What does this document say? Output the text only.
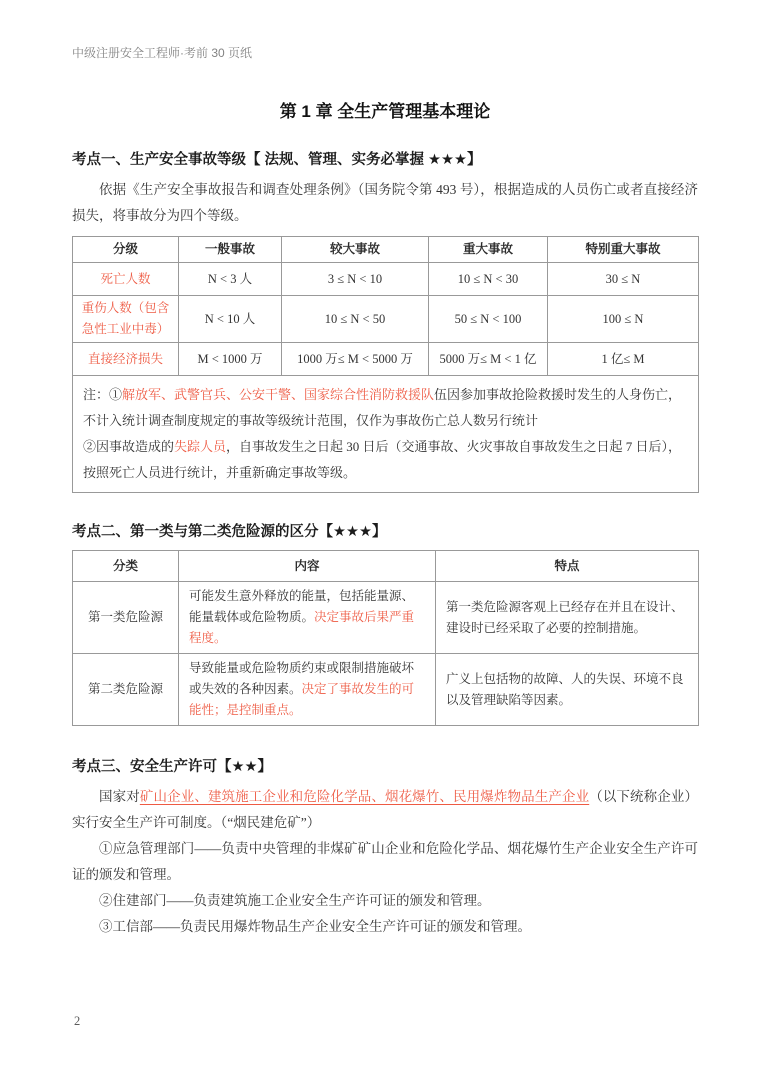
中级注册安全工程师·考前 30 页纸
第 1 章 全生产管理基本理论
考点一、生产安全事故等级【 法规、管理、实务必掌握 ★★★】

依据《生产安全事故报告和调查处理条例》（国务院令第 493 号），根据造成的人员伤亡或者直接经济损失，将事故分为四个等级。

分级	一般事故	较大事故	重大事故	特别重大事故
死亡人数	N < 3 人	3 ≤ N < 10	10 ≤ N < 30	30 ≤ N
重伤人数（包含急性工业中毒）	N < 10 人	10 ≤ N < 50	50 ≤ N < 100	100 ≤ N
直接经济损失	M < 1000 万	1000 万≤ M < 5000 万	5000 万≤ M < 1 亿	1 亿≤ M

注：①解放军、武警官兵、公安干警、国家综合性消防救援队伍因参加事故抢险救援时发生的人身伤亡，不计入统计调查制度规定的事故等级统计范围，仅作为事故伤亡总人数另行统计
②因事故造成的失踪人员，自事故发生之日起 30 日后（交通事故、火灾事故自事故发生之日起 7 日后），按照死亡人员进行统计，并重新确定事故等级。				
考点二、第一类与第二类危险源的区分【★★★】
分类	内容	特点
第一类危险源	可能发生意外释放的能量，包括能量源、能量载体或危险物质。决定事故后果严重程度。	第一类危险源客观上已经存在并且在设计、建设时已经采取了必要的控制措施。
第二类危险源	导致能量或危险物质约束或限制措施破坏或失效的各种因素。决定了事故发生的可能性；是控制重点。	广义上包括物的故障、人的失误、环境不良以及管理缺陷等因素。
考点三、安全生产许可【★★】

国家对矿山企业、建筑施工企业和危险化学品、烟花爆竹、民用爆炸物品生产企业（以下统称企业）实行安全生产许可制度。（“烟民建危矿”）

①应急管理部门——负责中央管理的非煤矿矿山企业和危险化学品、烟花爆竹生产企业安全生产许可证的颁发和管理。

②住建部门——负责建筑施工企业安全生产许可证的颁发和管理。

③工信部——负责民用爆炸物品生产企业安全生产许可证的颁发和管理。

2
